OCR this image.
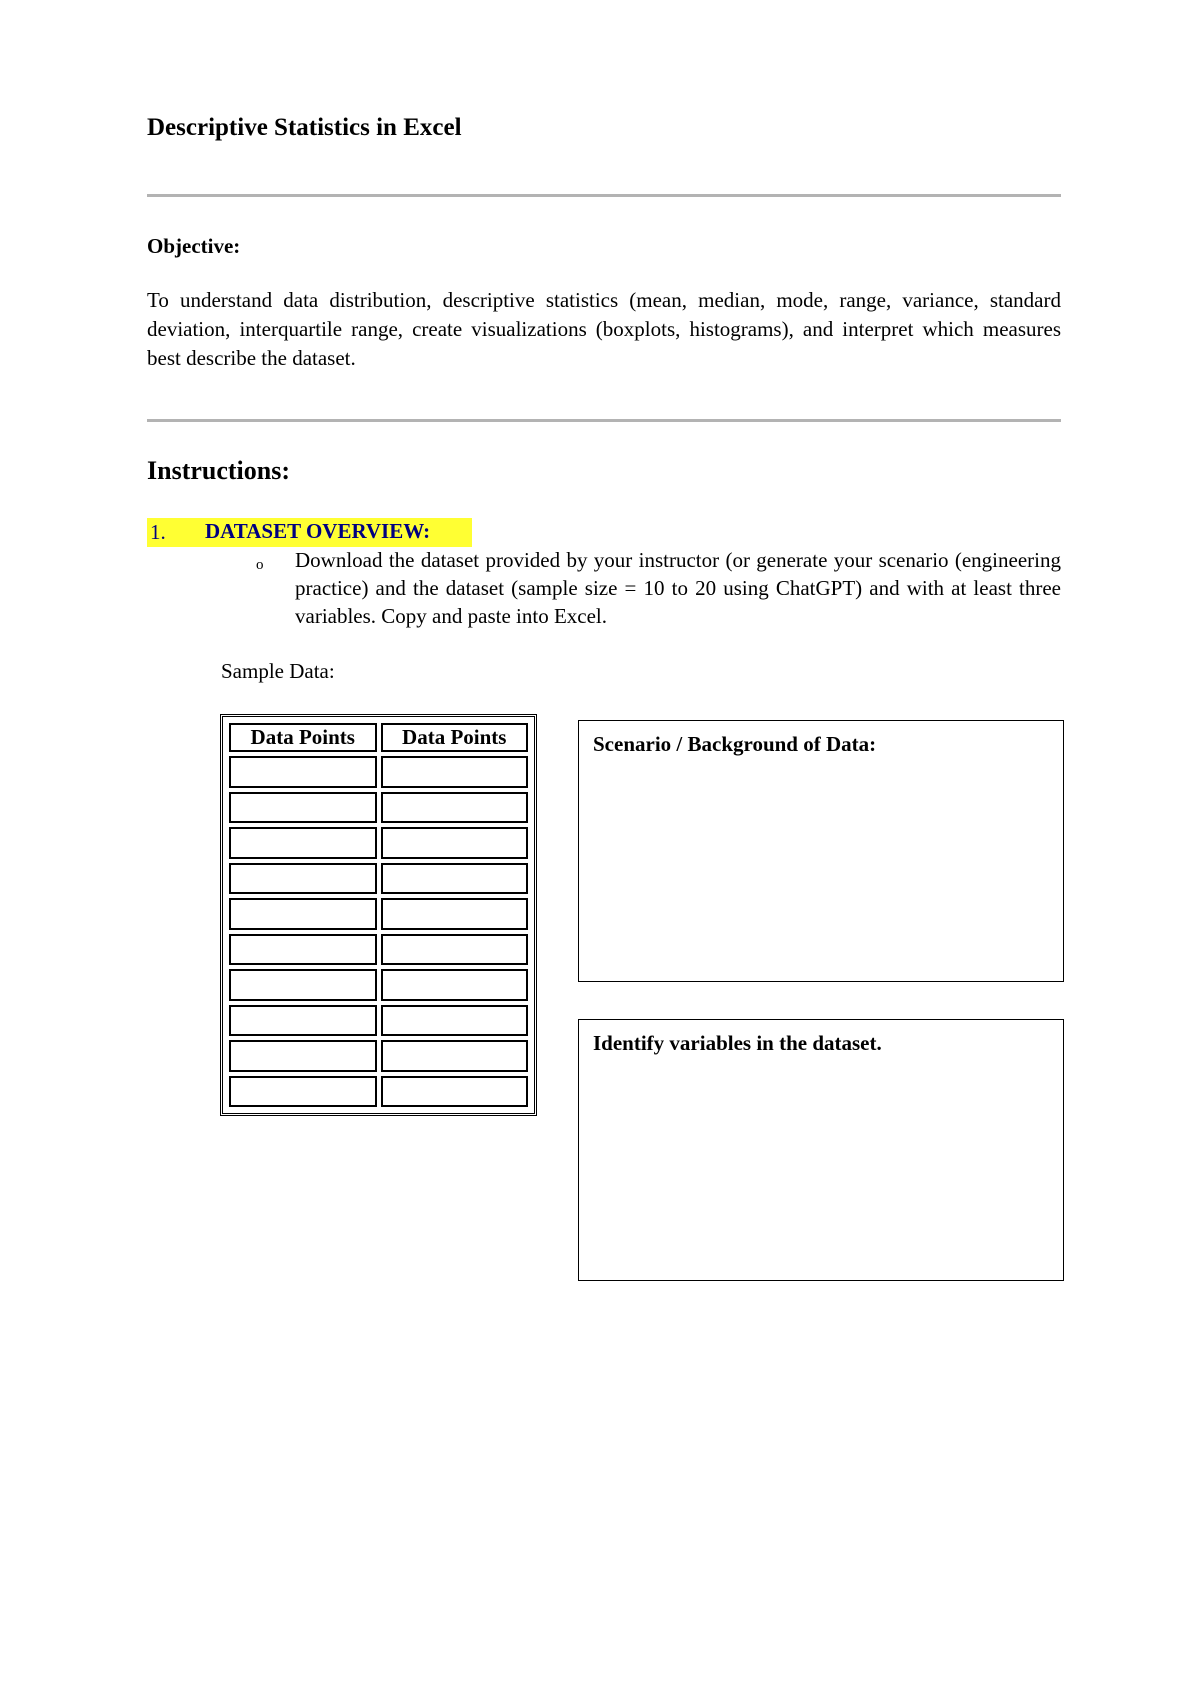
Descriptive Statistics in Excel
Objective:
To understand data distribution, descriptive statistics (mean, median, mode, range, variance, standard deviation, interquartile range, create visualizations (boxplots, histograms), and interpret which measures best describe the dataset.
Instructions:
1. DATASET OVERVIEW:
o Download the dataset provided by your instructor (or generate your scenario (engineering practice) and the dataset (sample size = 10 to 20 using ChatGPT) and with at least three variables. Copy and paste into Excel.
Sample Data:
Data Points	Data Points

		Scenario / Background of Data:
Identify variables in the dataset.
